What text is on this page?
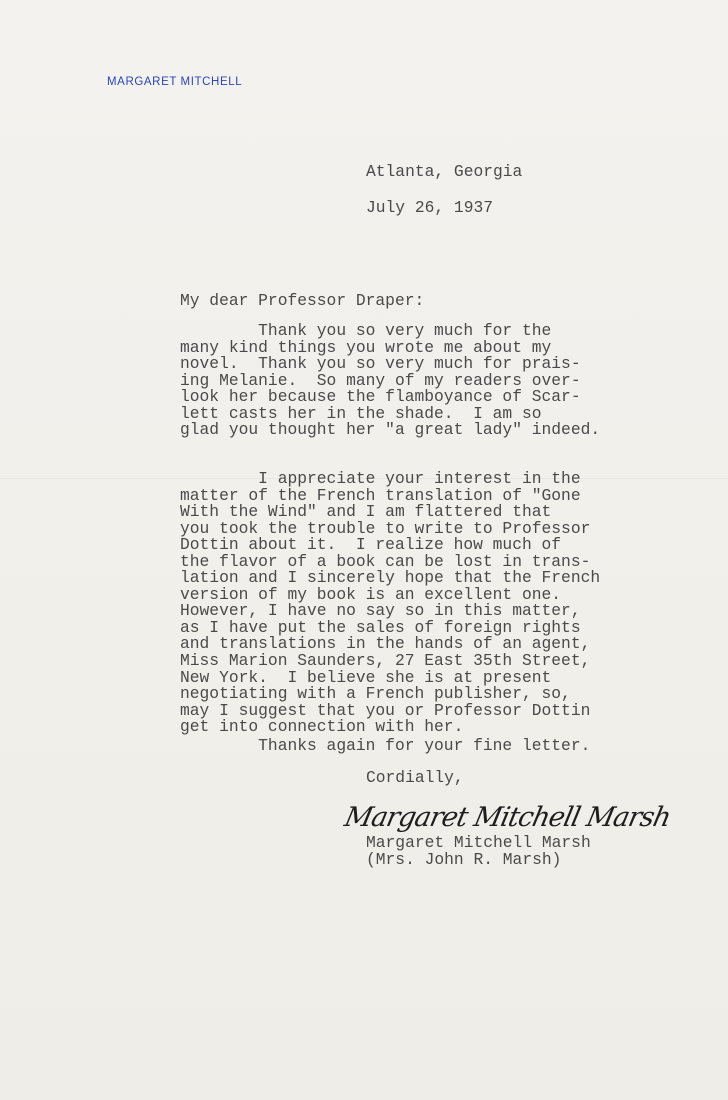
MARGARET MITCHELL
Atlanta, Georgia
July 26, 1937
My dear Professor Draper:
Thank you so very much for the
many kind things you wrote me about my
novel.  Thank you so very much for prais-
ing Melanie.  So many of my readers over-
look her because the flamboyance of Scar-
lett casts her in the shade.  I am so
glad you thought her "a great lady" indeed.
I appreciate your interest in the
matter of the French translation of "Gone
With the Wind" and I am flattered that
you took the trouble to write to Professor
Dottin about it.  I realize how much of
the flavor of a book can be lost in trans-
lation and I sincerely hope that the French
version of my book is an excellent one.
However, I have no say so in this matter,
as I have put the sales of foreign rights
and translations in the hands of an agent,
Miss Marion Saunders, 27 East 35th Street,
New York.  I believe she is at present
negotiating with a French publisher, so,
may I suggest that you or Professor Dottin
get into connection with her.
Thanks again for your fine letter.
Cordially,
Margaret Mitchell Marsh
Margaret Mitchell Marsh
(Mrs. John R. Marsh)
